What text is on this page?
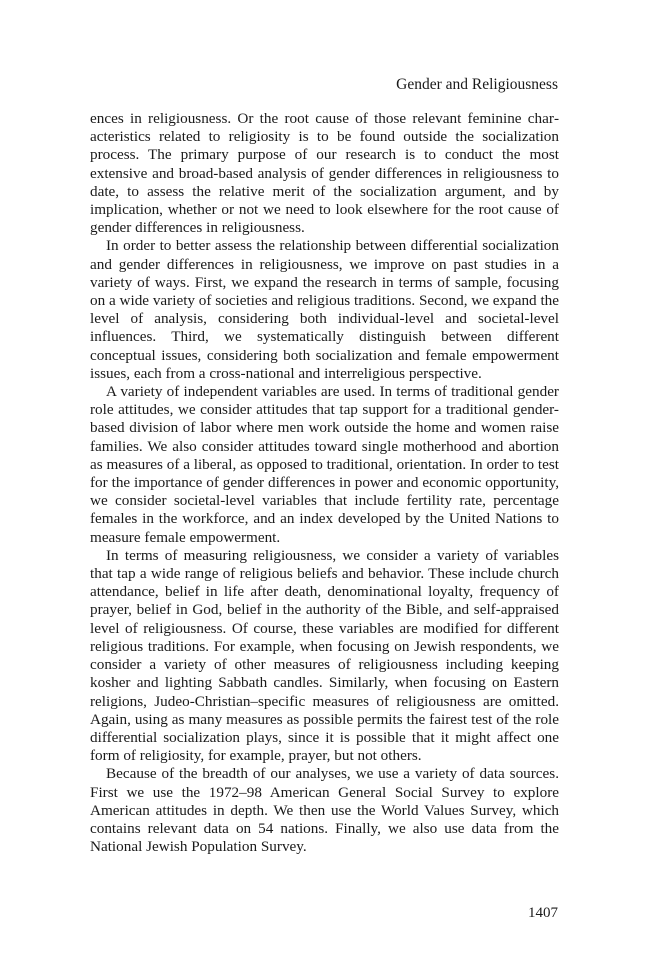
Gender and Religiousness

ences in religiousness. Or the root cause of those relevant feminine characteristics related to religiosity is to be found outside the socialization process. The primary purpose of our research is to conduct the most extensive and broad-based analysis of gender differences in religiousness to date, to assess the relative merit of the socialization argument, and by implication, whether or not we need to look elsewhere for the root cause of gender differences in religiousness.

In order to better assess the relationship between differential socialization and gender differences in religiousness, we improve on past studies in a variety of ways. First, we expand the research in terms of sample, focusing on a wide variety of societies and religious traditions. Second, we expand the level of analysis, considering both individual-level and societal-level influences. Third, we systematically distinguish between different conceptual issues, considering both socialization and female empowerment issues, each from a cross-national and interreligious perspective.

A variety of independent variables are used. In terms of traditional gender role attitudes, we consider attitudes that tap support for a traditional gender-based division of labor where men work outside the home and women raise families. We also consider attitudes toward single motherhood and abortion as measures of a liberal, as opposed to traditional, orientation. In order to test for the importance of gender differences in power and economic opportunity, we consider societal-level variables that include fertility rate, percentage females in the workforce, and an index developed by the United Nations to measure female empowerment.

In terms of measuring religiousness, we consider a variety of variables that tap a wide range of religious beliefs and behavior. These include church attendance, belief in life after death, denominational loyalty, frequency of prayer, belief in God, belief in the authority of the Bible, and self-appraised level of religiousness. Of course, these variables are modified for different religious traditions. For example, when focusing on Jewish respondents, we consider a variety of other measures of religiousness including keeping kosher and lighting Sabbath candles. Similarly, when focusing on Eastern religions, Judeo-Christian–specific measures of religiousness are omitted. Again, using as many measures as possible permits the fairest test of the role differential socialization plays, since it is possible that it might affect one form of religiosity, for example, prayer, but not others.

Because of the breadth of our analyses, we use a variety of data sources. First we use the 1972–98 American General Social Survey to explore American attitudes in depth. We then use the World Values Survey, which contains relevant data on 54 nations. Finally, we also use data from the National Jewish Population Survey.

1407
